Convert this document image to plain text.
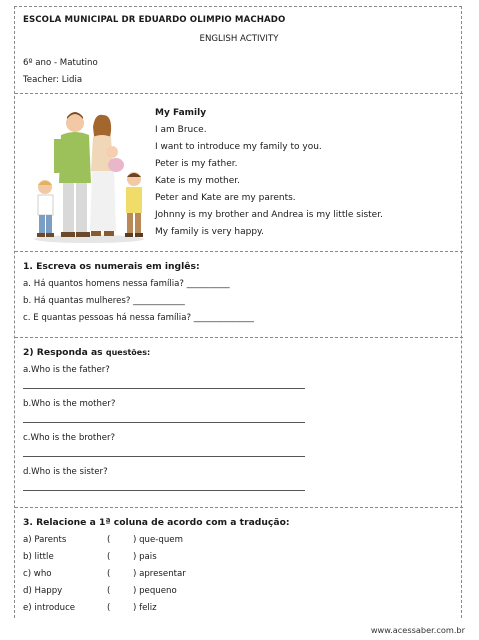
ESCOLA MUNICIPAL DR EDUARDO OLIMPIO MACHADO
ENGLISH ACTIVITY
6º ano - Matutino
Teacher: Lidia
My Family
I am Bruce.
I want to introduce my family to you.
Peter is my father.
Kate is my mother.
Peter and Kate are my parents.
Johnny is my brother and Andrea is my little sister.
My family is very happy.
1. Escreva os numerais em inglês:
a. Há quantos homens nessa família? __________
b. Há quantas mulheres? ____________
c. E quantas pessoas há nessa família? ______________
2) Responda as questões:
a.Who is the father?
b.Who is the mother?
c.Who is the brother?
d.Who is the sister?
3. Relacione a 1ª coluna de acordo com a tradução:
a) Parents	(	) que-quem
b) little	(	) pais
c) who	(	) apresentar
d) Happy	(	) pequeno
e) introduce	(	) feliz
www.acessaber.com.br
